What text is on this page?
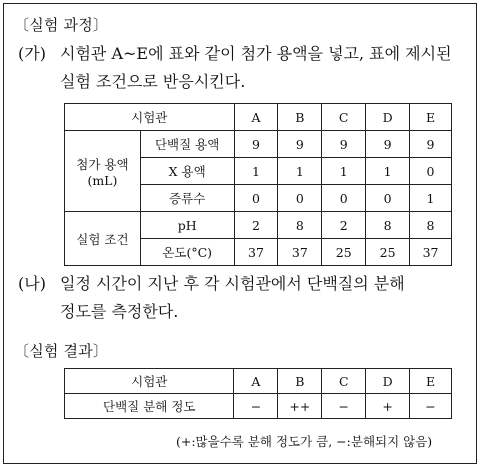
〔실험 과정〕
(가) 시험관 A~E에 표와 같이 첨가 용액을 넣고, 표에 제시된
실험 조건으로 반응시킨다.
시험관		A	B	C	D	E
첨가 용액
(mL)	단백질 용액	9	9	9	9	9
	X 용액	1	1	1	1	0
	증류수	0	0	0	0	1
실험 조건	pH	2	8	2	8	8
	온도(°C)	37	37	25	25	37
(나) 일정 시간이 지난 후 각 시험관에서 단백질의 분해
정도를 측정한다.
〔실험 결과〕
시험관	A	B	C	D	E
단백질 분해 정도	−	++	−	+	−
(+:많을수록 분해 정도가 큼, −:분해되지 않음)
